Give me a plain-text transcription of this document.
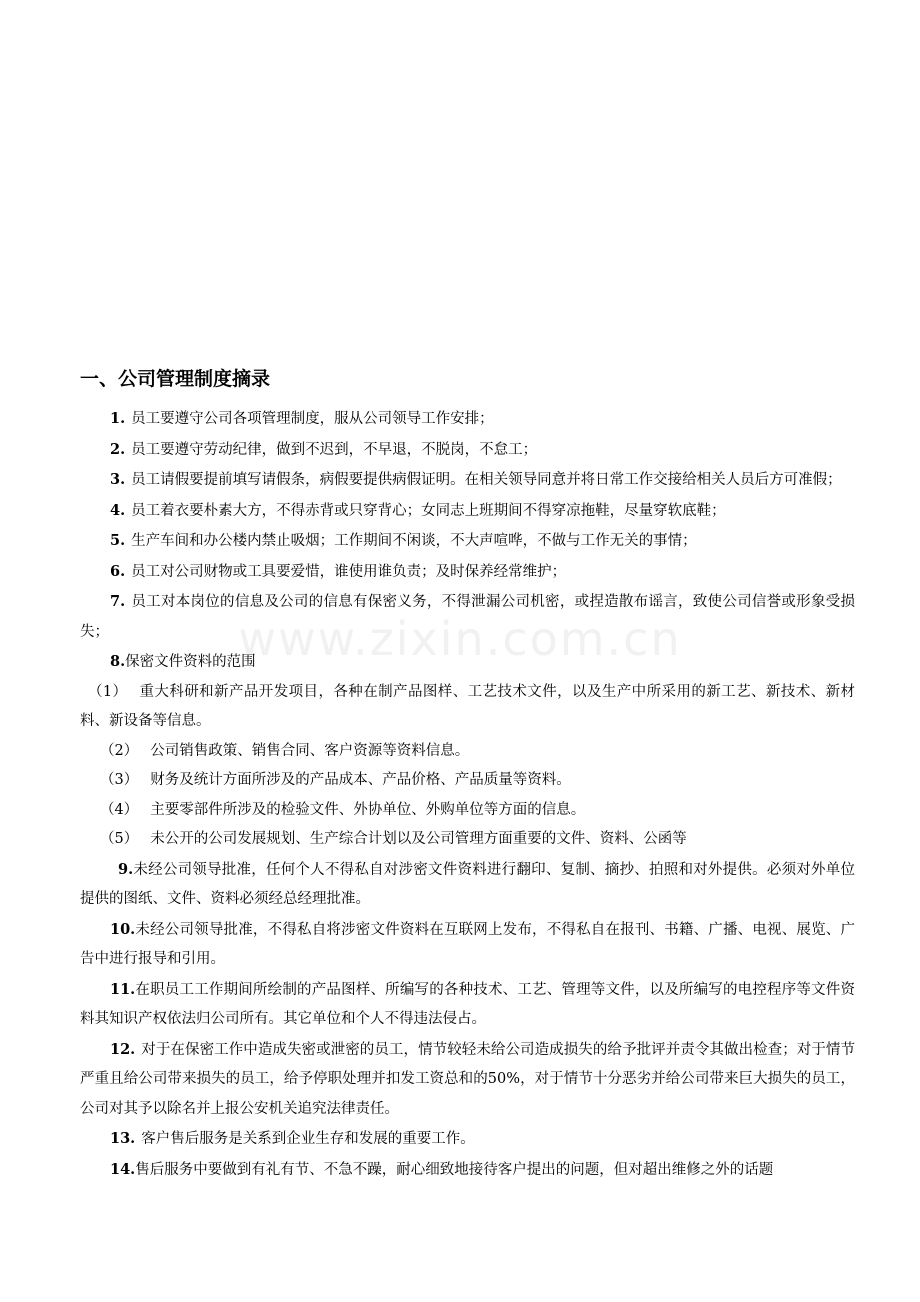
www.zixin.com.cn
一、公司管理制度摘录

1. 员工要遵守公司各项管理制度，服从公司领导工作安排；

2. 员工要遵守劳动纪律，做到不迟到，不早退，不脱岗，不怠工；

3. 员工请假要提前填写请假条，病假要提供病假证明。在相关领导同意并将日常工作交接给相关人员后方可准假；

4. 员工着衣要朴素大方，不得赤背或只穿背心；女同志上班期间不得穿凉拖鞋，尽量穿软底鞋；

5. 生产车间和办公楼内禁止吸烟；工作期间不闲谈，不大声喧哗，不做与工作无关的事情；

6. 员工对公司财物或工具要爱惜，谁使用谁负责；及时保养经常维护；

7. 员工对本岗位的信息及公司的信息有保密义务，不得泄漏公司机密，或捏造散布谣言，致使公司信誉或形象受损失；

8.保密文件资料的范围

（1） 重大科研和新产品开发项目，各种在制产品图样、工艺技术文件，以及生产中所采用的新工艺、新技术、新材料、新设备等信息。

（2） 公司销售政策、销售合同、客户资源等资料信息。

（3） 财务及统计方面所涉及的产品成本、产品价格、产品质量等资料。

（4） 主要零部件所涉及的检验文件、外协单位、外购单位等方面的信息。

（5） 未公开的公司发展规划、生产综合计划以及公司管理方面重要的文件、资料、公函等

9.未经公司领导批准，任何个人不得私自对涉密文件资料进行翻印、复制、摘抄、拍照和对外提供。必须对外单位提供的图纸、文件、资料必须经总经理批准。

10.未经公司领导批准，不得私自将涉密文件资料在互联网上发布，不得私自在报刊、书籍、广播、电视、展览、广告中进行报导和引用。

11.在职员工工作期间所绘制的产品图样、所编写的各种技术、工艺、管理等文件，以及所编写的电控程序等文件资料其知识产权依法归公司所有。其它单位和个人不得违法侵占。

12. 对于在保密工作中造成失密或泄密的员工，情节较轻未给公司造成损失的给予批评并责令其做出检查；对于情节严重且给公司带来损失的员工，给予停职处理并扣发工资总和的50%，对于情节十分恶劣并给公司带来巨大损失的员工，公司对其予以除名并上报公安机关追究法律责任。

13. 客户售后服务是关系到企业生存和发展的重要工作。

14.售后服务中要做到有礼有节、不急不躁，耐心细致地接待客户提出的问题，但对超出维修之外的话题
